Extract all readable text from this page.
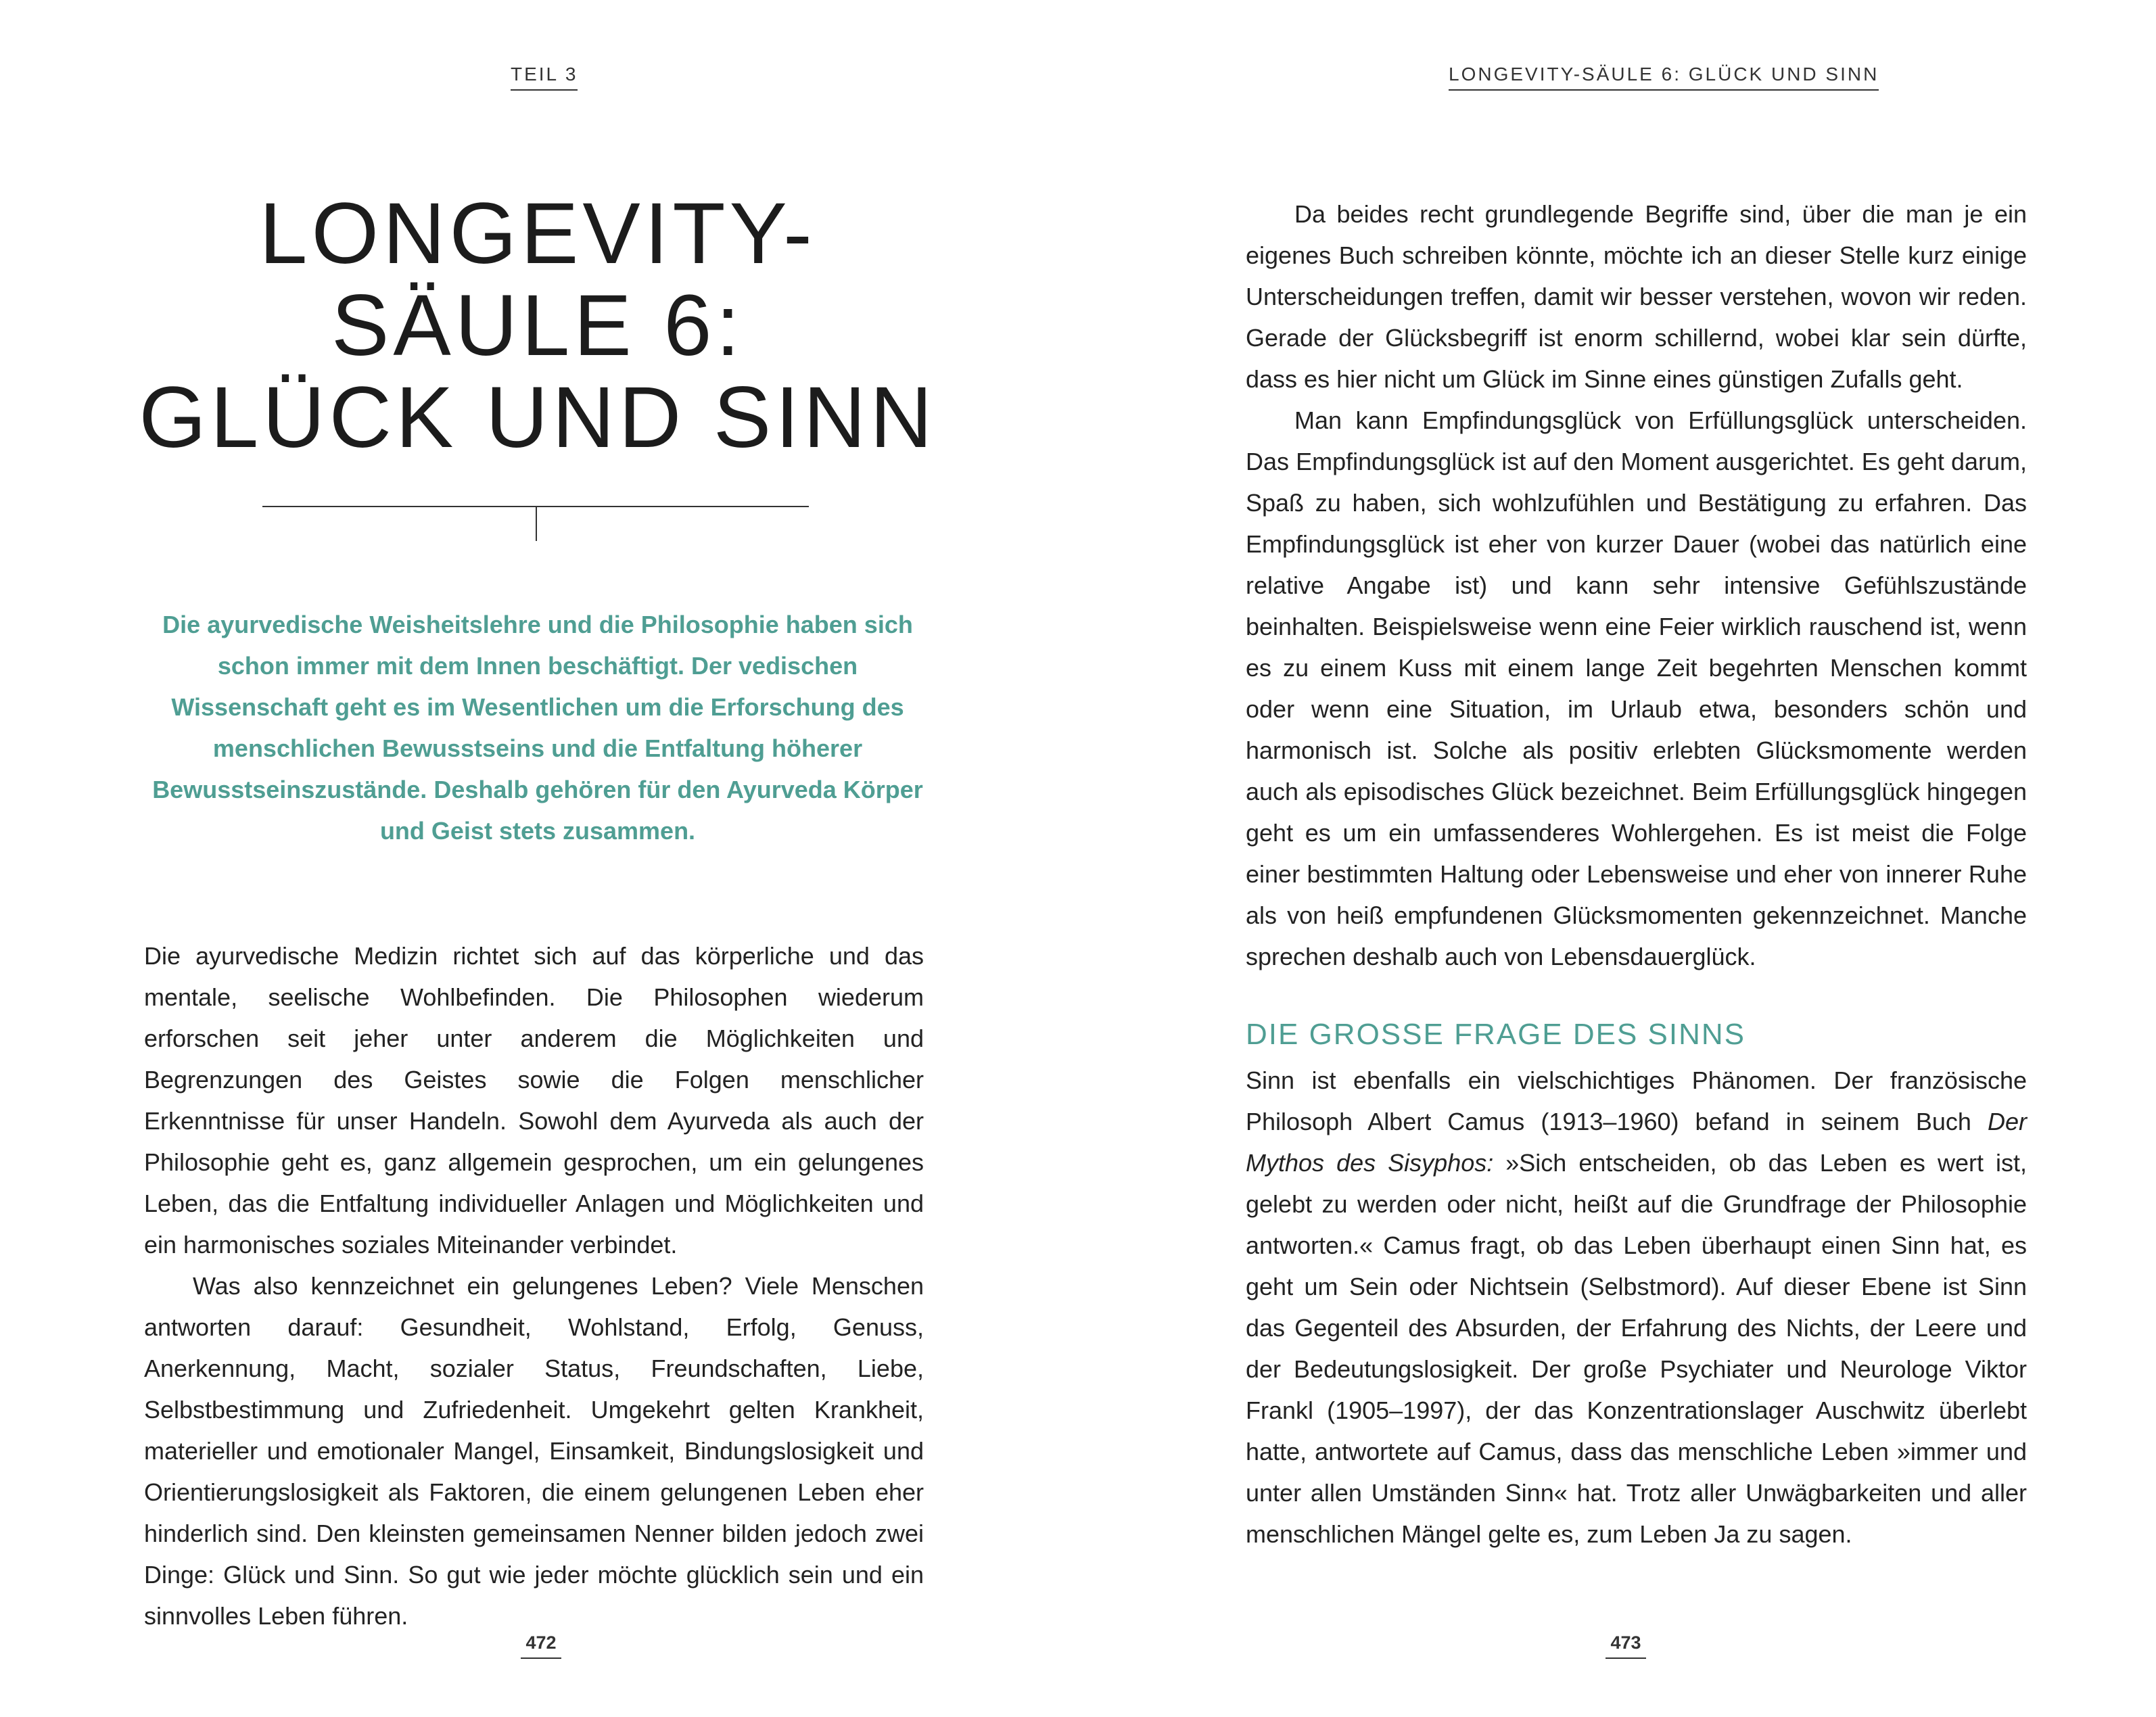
TEIL 3
LONGEVITY-
SÄULE 6:
GLÜCK UND SINN

Die ayurvedische Weisheitslehre und die Philosophie haben sich schon immer mit dem Innen beschäftigt. Der vedischen Wissenschaft geht es im Wesentlichen um die Erforschung des menschlichen Bewusstseins und die Entfaltung höherer Bewusstseinszustände. Deshalb gehören für den Ayurveda Körper und Geist stets zusammen.

Die ayurvedische Medizin richtet sich auf das körperliche und das mentale, seelische Wohlbefinden. Die Philosophen wiederum erforschen seit jeher unter anderem die Möglichkeiten und Begrenzungen des Geistes sowie die Folgen menschlicher Erkenntnisse für unser Handeln. Sowohl dem Ayurveda als auch der Philosophie geht es, ganz allgemein gesprochen, um ein gelungenes Leben, das die Entfaltung individueller Anlagen und Möglichkeiten und ein harmonisches soziales Miteinander verbindet.

Was also kennzeichnet ein gelungenes Leben? Viele Menschen antworten darauf: Gesundheit, Wohlstand, Erfolg, Genuss, Anerkennung, Macht, sozialer Status, Freundschaften, Liebe, Selbstbestimmung und Zufriedenheit. Umgekehrt gelten Krankheit, materieller und emotionaler Mangel, Einsamkeit, Bindungslosigkeit und Orientierungslosigkeit als Faktoren, die einem gelungenen Leben eher hinderlich sind. Den kleinsten gemeinsamen Nenner bilden jedoch zwei Dinge: Glück und Sinn. So gut wie jeder möchte glücklich sein und ein sinnvolles Leben führen.

472
LONGEVITY-SÄULE 6: GLÜCK UND SINN

Da beides recht grundlegende Begriffe sind, über die man je ein eigenes Buch schreiben könnte, möchte ich an dieser Stelle kurz einige Unterscheidungen treffen, damit wir besser verstehen, wovon wir reden. Gerade der Glücksbegriff ist enorm schillernd, wobei klar sein dürfte, dass es hier nicht um Glück im Sinne eines günstigen Zufalls geht.

Man kann Empfindungsglück von Erfüllungsglück unterscheiden. Das Empfindungsglück ist auf den Moment ausgerichtet. Es geht darum, Spaß zu haben, sich wohlzufühlen und Bestätigung zu erfahren. Das Empfindungsglück ist eher von kurzer Dauer (wobei das natürlich eine relative Angabe ist) und kann sehr intensive Gefühlszustände beinhalten. Beispielsweise wenn eine Feier wirklich rauschend ist, wenn es zu einem Kuss mit einem lange Zeit begehrten Menschen kommt oder wenn eine Situation, im Urlaub etwa, besonders schön und harmonisch ist. Solche als positiv erlebten Glücksmomente werden auch als episodisches Glück bezeichnet. Beim Erfüllungsglück hingegen geht es um ein umfassenderes Wohlergehen. Es ist meist die Folge einer bestimmten Haltung oder Lebensweise und eher von innerer Ruhe als von heiß empfundenen Glücksmomenten gekennzeichnet. Manche sprechen deshalb auch von Lebensdauerglück.

DIE GROSSE FRAGE DES SINNS

Sinn ist ebenfalls ein vielschichtiges Phänomen. Der französische Philosoph Albert Camus (1913–1960) befand in seinem Buch Der Mythos des Sisyphos: »Sich entscheiden, ob das Leben es wert ist, gelebt zu werden oder nicht, heißt auf die Grundfrage der Philosophie antworten.« Camus fragt, ob das Leben überhaupt einen Sinn hat, es geht um Sein oder Nichtsein (Selbstmord). Auf dieser Ebene ist Sinn das Gegenteil des Absurden, der Erfahrung des Nichts, der Leere und der Bedeutungslosigkeit. Der große Psychiater und Neurologe Viktor Frankl (1905–1997), der das Konzentrationslager Auschwitz überlebt hatte, antwortete auf Camus, dass das menschliche Leben »immer und unter allen Umständen Sinn« hat. Trotz aller Unwägbarkeiten und aller menschlichen Mängel gelte es, zum Leben Ja zu sagen.

473
